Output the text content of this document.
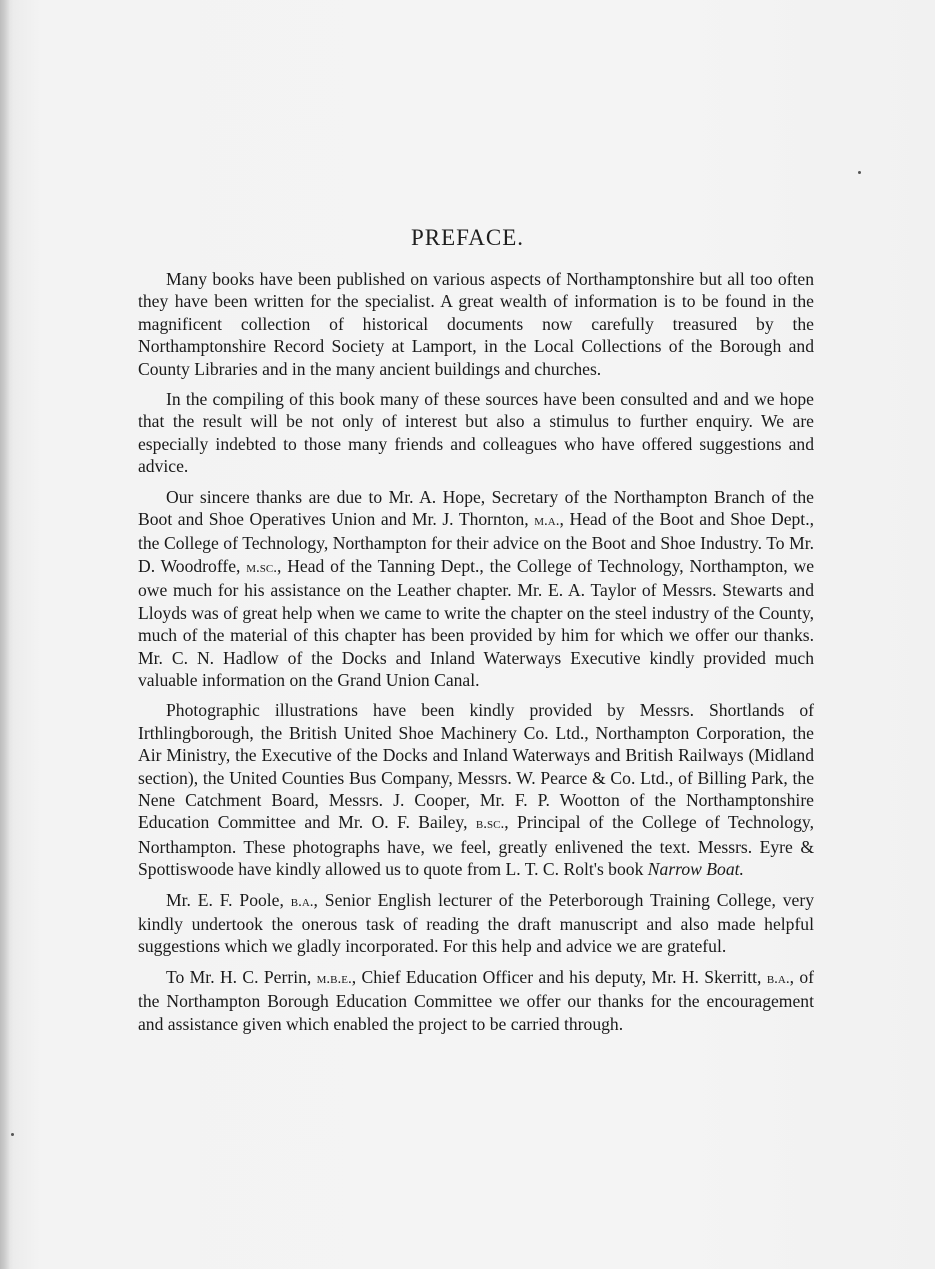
PREFACE.

Many books have been published on various aspects of Northamptonshire but all too often they have been written for the specialist. A great wealth of information is to be found in the magnificent collection of historical documents now carefully treasured by the Northamptonshire Record Society at Lamport, in the Local Collections of the Borough and County Libraries and in the many ancient buildings and churches.

In the compiling of this book many of these sources have been consulted and and we hope that the result will be not only of interest but also a stimulus to further enquiry. We are especially indebted to those many friends and colleagues who have offered suggestions and advice.

Our sincere thanks are due to Mr. A. Hope, Secretary of the Northampton Branch of the Boot and Shoe Operatives Union and Mr. J. Thornton, m.a., Head of the Boot and Shoe Dept., the College of Technology, Northampton for their advice on the Boot and Shoe Industry. To Mr. D. Woodroffe, m.sc., Head of the Tanning Dept., the College of Technology, Northampton, we owe much for his assistance on the Leather chapter. Mr. E. A. Taylor of Messrs. Stewarts and Lloyds was of great help when we came to write the chapter on the steel industry of the County, much of the material of this chapter has been provided by him for which we offer our thanks. Mr. C. N. Hadlow of the Docks and Inland Waterways Executive kindly provided much valuable information on the Grand Union Canal.

Photographic illustrations have been kindly provided by Messrs. Shortlands of Irthlingborough, the British United Shoe Machinery Co. Ltd., Northampton Corporation, the Air Ministry, the Executive of the Docks and Inland Waterways and British Railways (Midland section), the United Counties Bus Company, Messrs. W. Pearce & Co. Ltd., of Billing Park, the Nene Catchment Board, Messrs. J. Cooper, Mr. F. P. Wootton of the Northamptonshire Education Committee and Mr. O. F. Bailey, b.sc., Principal of the College of Technology, Northampton. These photographs have, we feel, greatly enlivened the text. Messrs. Eyre & Spottiswoode have kindly allowed us to quote from L. T. C. Rolt's book Narrow Boat.

Mr. E. F. Poole, b.a., Senior English lecturer of the Peterborough Training College, very kindly undertook the onerous task of reading the draft manuscript and also made helpful suggestions which we gladly incorporated. For this help and advice we are grateful.

To Mr. H. C. Perrin, m.b.e., Chief Education Officer and his deputy, Mr. H. Skerritt, b.a., of the Northampton Borough Education Committee we offer our thanks for the encouragement and assistance given which enabled the project to be carried through.
